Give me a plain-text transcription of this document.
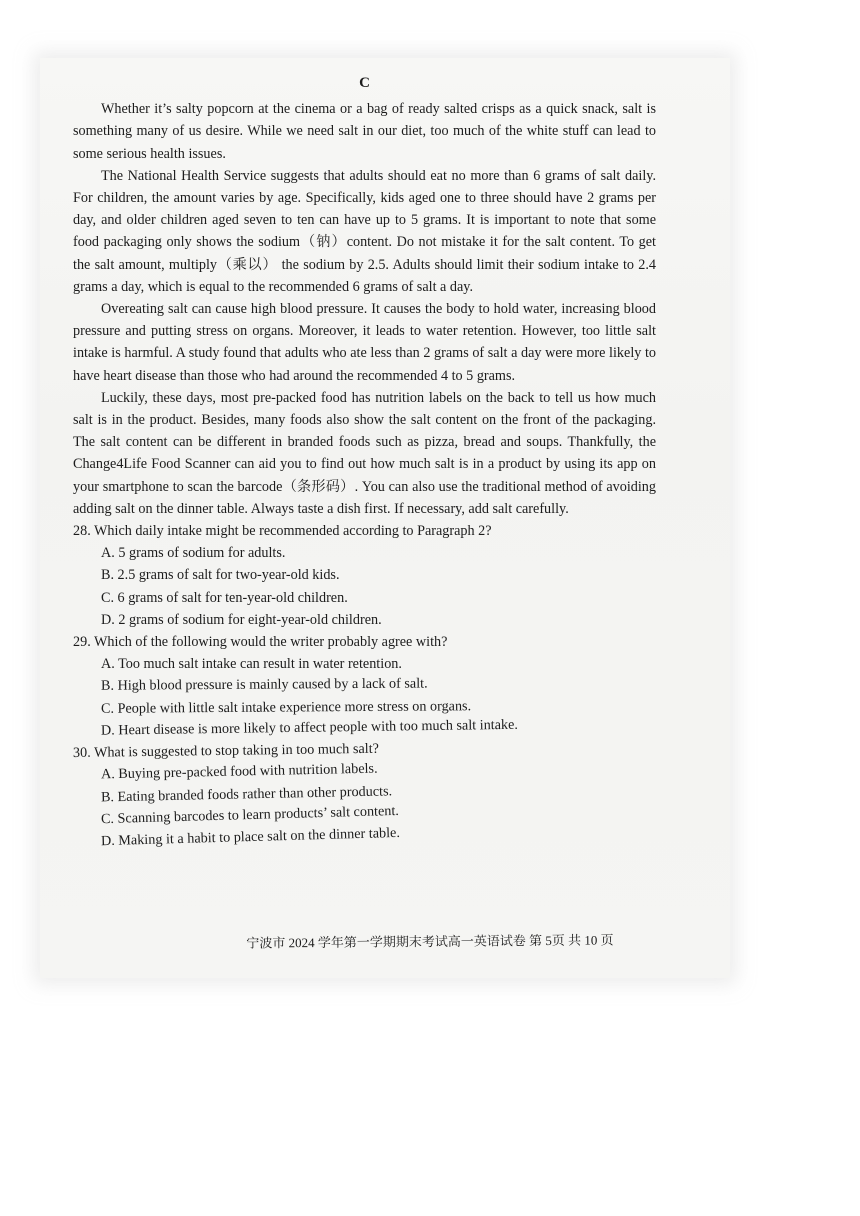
C

Whether it’s salty popcorn at the cinema or a bag of ready salted crisps as a quick snack, salt is something many of us desire. While we need salt in our diet, too much of the white stuff can lead to some serious health issues.

The National Health Service suggests that adults should eat no more than 6 grams of salt daily. For children, the amount varies by age. Specifically, kids aged one to three should have 2 grams per day, and older children aged seven to ten can have up to 5 grams. It is important to note that some food packaging only shows the sodium（钠）content. Do not mistake it for the salt content. To get the salt amount, multiply（乘以） the sodium by 2.5. Adults should limit their sodium intake to 2.4 grams a day, which is equal to the recommended 6 grams of salt a day.

Overeating salt can cause high blood pressure. It causes the body to hold water, increasing blood pressure and putting stress on organs. Moreover, it leads to water retention. However, too little salt intake is harmful. A study found that adults who ate less than 2 grams of salt a day were more likely to have heart disease than those who had around the recommended 4 to 5 grams.

Luckily, these days, most pre-packed food has nutrition labels on the back to tell us how much salt is in the product. Besides, many foods also show the salt content on the front of the packaging. The salt content can be different in branded foods such as pizza, bread and soups. Thankfully, the Change4Life Food Scanner can aid you to find out how much salt is in a product by using its app on your smartphone to scan the barcode（条形码）. You can also use the traditional method of avoiding adding salt on the dinner table. Always taste a dish first. If necessary, add salt carefully.

28. Which daily intake might be recommended according to Paragraph 2?

A. 5 grams of sodium for adults.

B. 2.5 grams of salt for two-year-old kids.

C. 6 grams of salt for ten-year-old children.

D. 2 grams of sodium for eight-year-old children.

29. Which of the following would the writer probably agree with?

A. Too much salt intake can result in water retention.

B. High blood pressure is mainly caused by a lack of salt.

C. People with little salt intake experience more stress on organs.

D. Heart disease is more likely to affect people with too much salt intake.

30. What is suggested to stop taking in too much salt?

A. Buying pre-packed food with nutrition labels.

B. Eating branded foods rather than other products.

C. Scanning barcodes to learn products’ salt content.

D. Making it a habit to place salt on the dinner table.

宁波市 2024 学年第一学期期末考试高一英语试卷 第 5页 共 10 页
